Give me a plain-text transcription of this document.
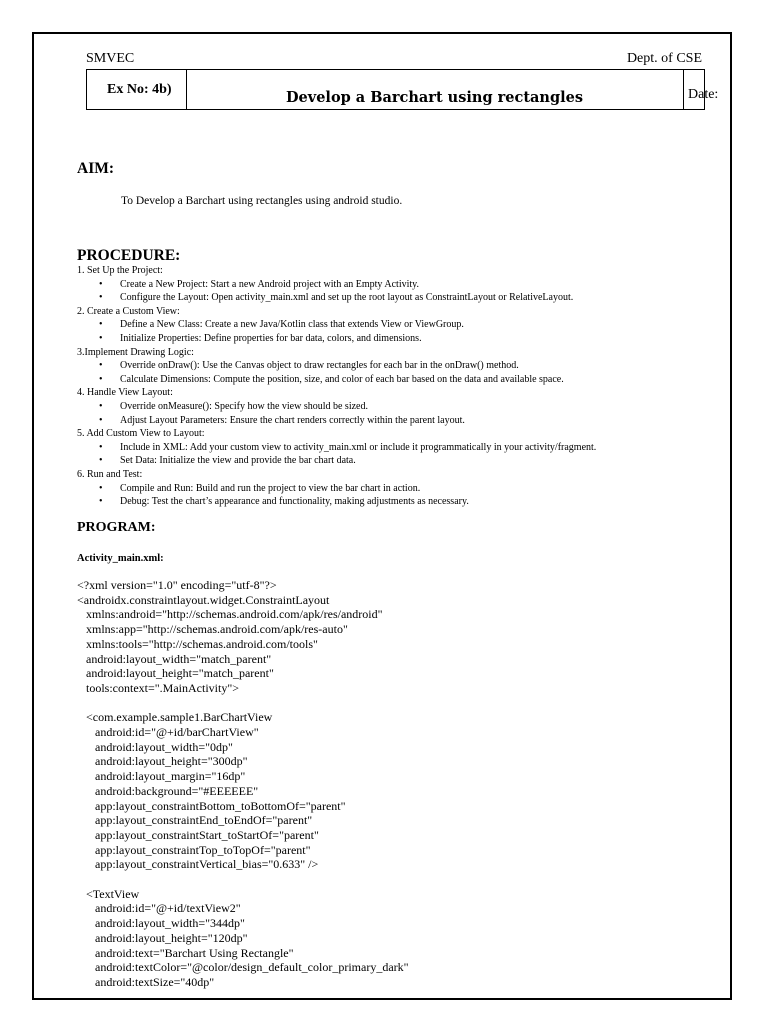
SMVEC	Dept. of CSE
Ex No: 4b)	Develop a Barchart using rectangles	Date:
AIM:
To Develop a Barchart using rectangles using android studio.
PROCEDURE:
1. Set Up the Project:
• Create a New Project: Start a new Android project with an Empty Activity.
• Configure the Layout: Open activity_main.xml and set up the root layout as ConstraintLayout or RelativeLayout.
2. Create a Custom View:
• Define a New Class: Create a new Java/Kotlin class that extends View or ViewGroup.
• Initialize Properties: Define properties for bar data, colors, and dimensions.
3.Implement Drawing Logic:
• Override onDraw(): Use the Canvas object to draw rectangles for each bar in the onDraw() method.
• Calculate Dimensions: Compute the position, size, and color of each bar based on the data and available space.
4. Handle View Layout:
• Override onMeasure(): Specify how the view should be sized.
• Adjust Layout Parameters: Ensure the chart renders correctly within the parent layout.
5. Add Custom View to Layout:
• Include in XML: Add your custom view to activity_main.xml or include it programmatically in your activity/fragment.
• Set Data: Initialize the view and provide the bar chart data.
6. Run and Test:
• Compile and Run: Build and run the project to view the bar chart in action.
• Debug: Test the chart’s appearance and functionality, making adjustments as necessary.
PROGRAM:
Activity_main.xml:
<?xml version="1.0" encoding="utf-8"?>
<androidx.constraintlayout.widget.ConstraintLayout
xmlns:android="http://schemas.android.com/apk/res/android"
xmlns:app="http://schemas.android.com/apk/res-auto"
xmlns:tools="http://schemas.android.com/tools"
android:layout_width="match_parent"
android:layout_height="match_parent"
tools:context=".MainActivity">
<com.example.sample1.BarChartView
android:id="@+id/barChartView"
android:layout_width="0dp"
android:layout_height="300dp"
android:layout_margin="16dp"
android:background="#EEEEEE"
app:layout_constraintBottom_toBottomOf="parent"
app:layout_constraintEnd_toEndOf="parent"
app:layout_constraintStart_toStartOf="parent"
app:layout_constraintTop_toTopOf="parent"
app:layout_constraintVertical_bias="0.633" />
<TextView
android:id="@+id/textView2"
android:layout_width="344dp"
android:layout_height="120dp"
android:text="Barchart Using Rectangle"
android:textColor="@color/design_default_color_primary_dark"
android:textSize="40dp"
